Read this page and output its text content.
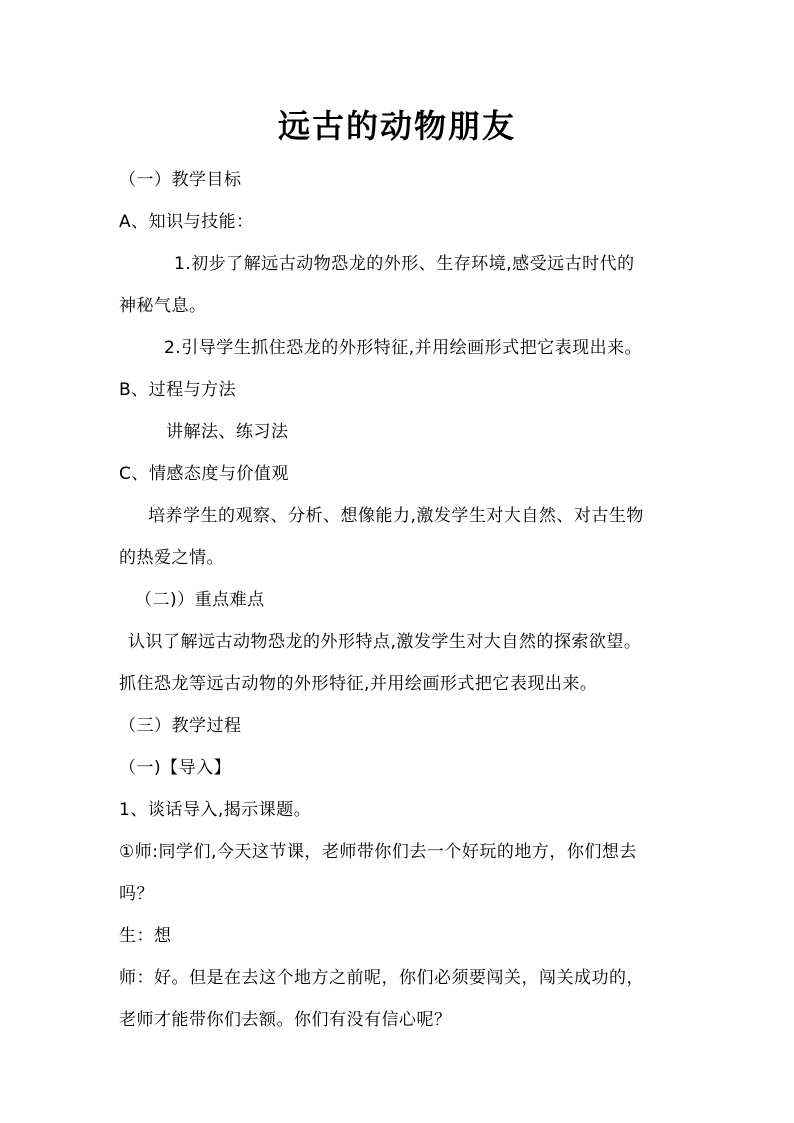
远古的动物朋友
（一）教学目标
A、知识与技能：
1.初步了解远古动物恐龙的外形、生存环境,感受远古时代的
神秘气息。
2.引导学生抓住恐龙的外形特征,并用绘画形式把它表现出来。
B、过程与方法
讲解法、练习法
C、情感态度与价值观
培养学生的观察、分析、想像能力,激发学生对大自然、对古生物
的热爱之情。
（二)）重点难点
认识了解远古动物恐龙的外形特点,激发学生对大自然的探索欲望。
抓住恐龙等远古动物的外形特征,并用绘画形式把它表现出来。
（三）教学过程
（一)【导入】
1、谈话导入,揭示课题。
①师:同学们,今天这节课，老师带你们去一个好玩的地方，你们想去
吗？
生：想
师：好。但是在去这个地方之前呢，你们必须要闯关，闯关成功的，
老师才能带你们去额。你们有没有信心呢？
